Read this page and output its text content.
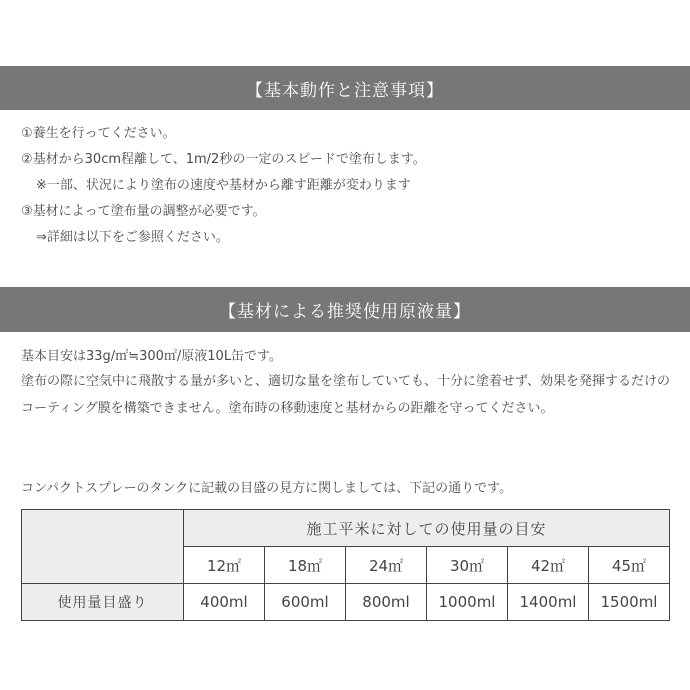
【基本動作と注意事項】
①養生を行ってください。
②基材から30cm程離して、1m/2秒の一定のスピードで塗布します。
※一部、状況により塗布の速度や基材から離す距離が変わります
③基材によって塗布量の調整が必要です。
⇒詳細は以下をご参照ください。
【基材による推奨使用原液量】
基本目安は33g/㎡≒300㎡/原液10L缶です。
塗布の際に空気中に飛散する量が多いと、適切な量を塗布していても、十分に塗着せず、効果を発揮するだけのコーティング膜を構築できません。塗布時の移動速度と基材からの距離を守ってください。
コンパクトスプレーのタンクに記載の目盛の見方に関しましては、下記の通りです。
	施工平米に対しての使用量の目安					
	12㎡	18㎡	24㎡	30㎡	42㎡	45㎡
使用量目盛り	400ml	600ml	800ml	1000ml	1400ml	1500ml
